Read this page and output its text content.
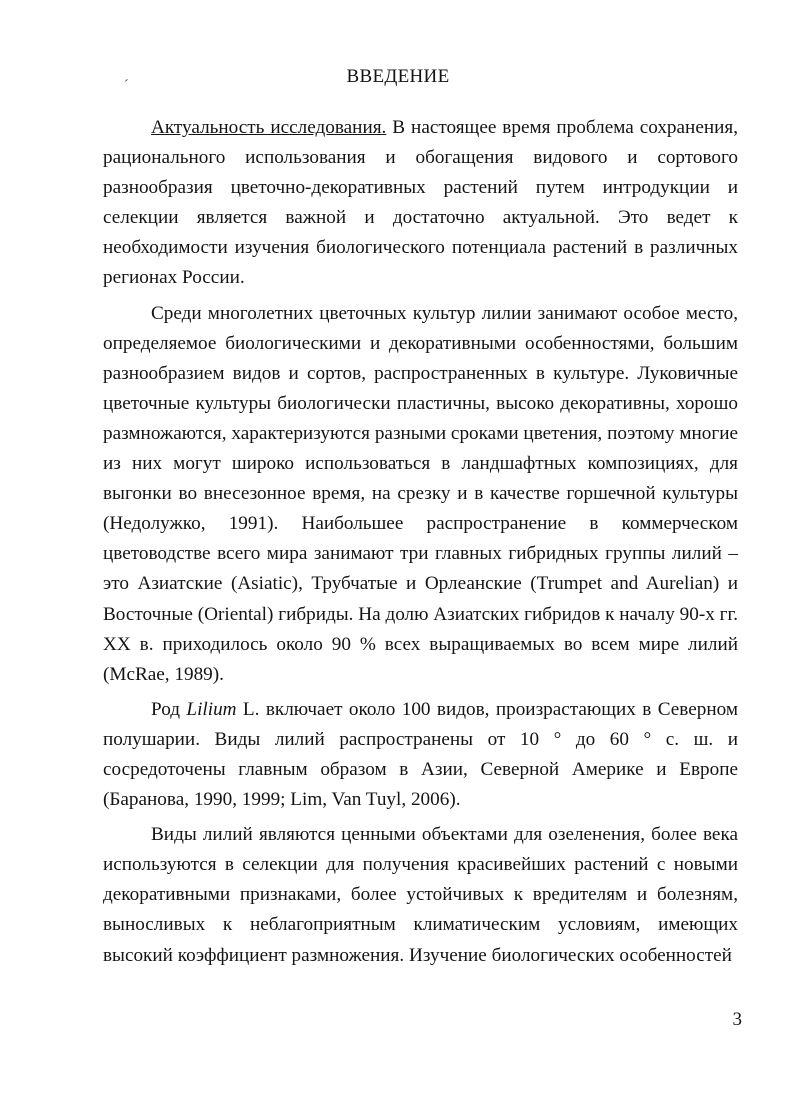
´	ВВЕДЕНИЕ

Актуальность исследования. В настоящее время проблема сохранения, рационального использования и обогащения видового и сортового разнообразия цветочно-декоративных растений путем интродукции и селекции является важной и достаточно актуальной. Это ведет к необходимости изучения биологического потенциала растений в различных регионах России.

Среди многолетних цветочных культур лилии занимают особое место, определяемое биологическими и декоративными особенностями, большим разнообразием видов и сортов, распространенных в культуре. Луковичные цветочные культуры биологически пластичны, высоко декоративны, хорошо размножаются, характеризуются разными сроками цветения, поэтому многие из них могут широко использоваться в ландшафтных композициях, для выгонки во внесезонное время, на срезку и в качестве горшечной культуры (Недолужко, 1991). Наибольшее распространение в коммерческом цветоводстве всего мира занимают три главных гибридных группы лилий – это Азиатские (Asiatic), Трубчатые и Орлеанские (Trumpet and Aurelian) и Восточные (Oriental) гибриды. На долю Азиатских гибридов к началу 90-х гг. XX в. приходилось около 90 % всех выращиваемых во всем мире лилий (McRae, 1989).

Род Lilium L. включает около 100 видов, произрастающих в Северном полушарии. Виды лилий распространены от 10 ° до 60 ° с. ш. и сосредоточены главным образом в Азии, Северной Америке и Европе (Баранова, 1990, 1999; Lim, Van Tuyl, 2006).

Виды лилий являются ценными объектами для озеленения, более века используются в селекции для получения красивейших растений с новыми декоративными признаками, более устойчивых к вредителям и болезням, выносливых к неблагоприятным климатическим условиям, имеющих высокий коэффициент размножения. Изучение биологических особенностей

3
